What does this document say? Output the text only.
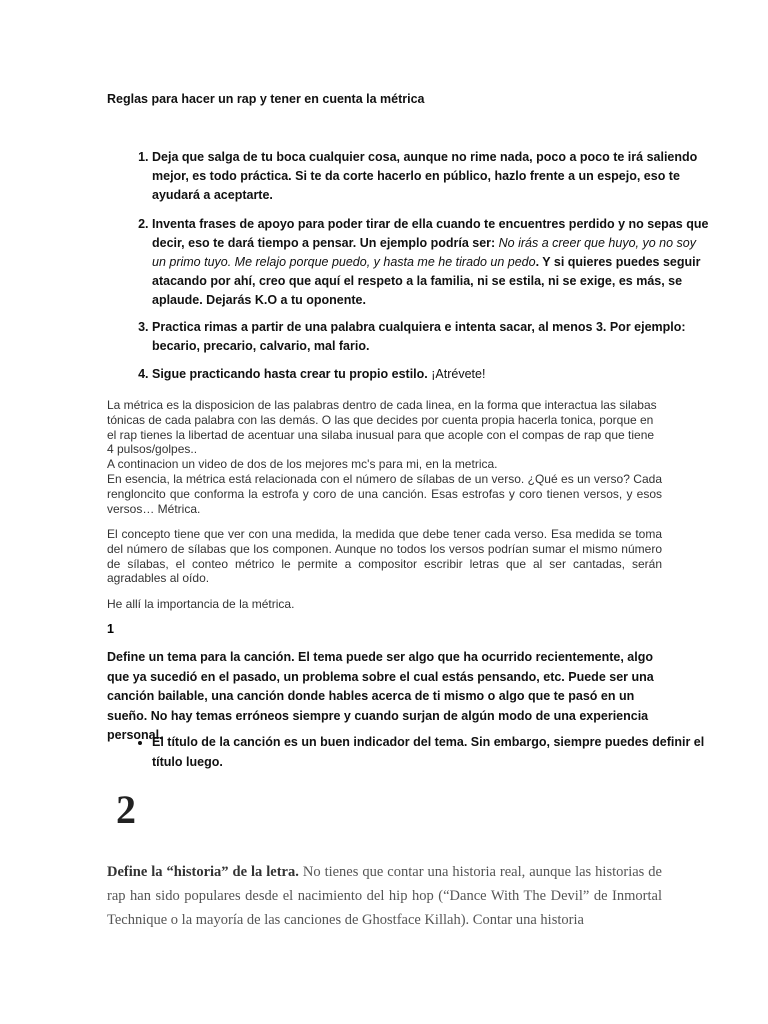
Reglas para hacer un rap y tener en cuenta la métrica
1. Deja que salga de tu boca cualquier cosa, aunque no rime nada, poco a poco te irá saliendo mejor, es todo práctica. Si te da corte hacerlo en público, hazlo frente a un espejo, eso te ayudará a aceptarte.
2. Inventa frases de apoyo para poder tirar de ella cuando te encuentres perdido y no sepas que decir, eso te dará tiempo a pensar. Un ejemplo podría ser: No irás a creer que huyo, yo no soy un primo tuyo. Me relajo porque puedo, y hasta me he tirado un pedo. Y si quieres puedes seguir atacando por ahí, creo que aquí el respeto a la familia, ni se estila, ni se exige, es más, se aplaude. Dejarás K.O a tu oponente.
3. Practica rimas a partir de una palabra cualquiera e intenta sacar, al menos 3. Por ejemplo: becario, precario, calvario, mal fario.
4. Sigue practicando hasta crear tu propio estilo. ¡Atrévete!
La métrica es la disposicion de las palabras dentro de cada linea, en la forma que interactua las silabas tónicas de cada palabra con las demás. O las que decides por cuenta propia hacerla tonica, porque en el rap tienes la libertad de acentuar una silaba inusual para que acople con el compas de rap que tiene 4 pulsos/golpes..
A continacion un video de dos de los mejores mc's para mi, en la metrica.
En esencia, la métrica está relacionada con el número de sílabas de un verso. ¿Qué es un verso? Cada rengloncito que conforma la estrofa y coro de una canción. Esas estrofas y coro tienen versos, y esos versos… Métrica.
El concepto tiene que ver con una medida, la medida que debe tener cada verso. Esa medida se toma del número de sílabas que los componen. Aunque no todos los versos podrían sumar el mismo número de sílabas, el conteo métrico le permite a compositor escribir letras que al ser cantadas, serán agradables al oído.
He allí la importancia de la métrica.
1
Define un tema para la canción. El tema puede ser algo que ha ocurrido recientemente, algo que ya sucedió en el pasado, un problema sobre el cual estás pensando, etc. Puede ser una canción bailable, una canción donde hables acerca de ti mismo o algo que te pasó en un sueño. No hay temas erróneos siempre y cuando surjan de algún modo de una experiencia personal.
• El título de la canción es un buen indicador del tema. Sin embargo, siempre puedes definir el título luego.
2
Define la “historia” de la letra. No tienes que contar una historia real, aunque las historias de rap han sido populares desde el nacimiento del hip hop (“Dance With The Devil” de Inmortal Technique o la mayoría de las canciones de Ghostface Killah). Contar una historia
